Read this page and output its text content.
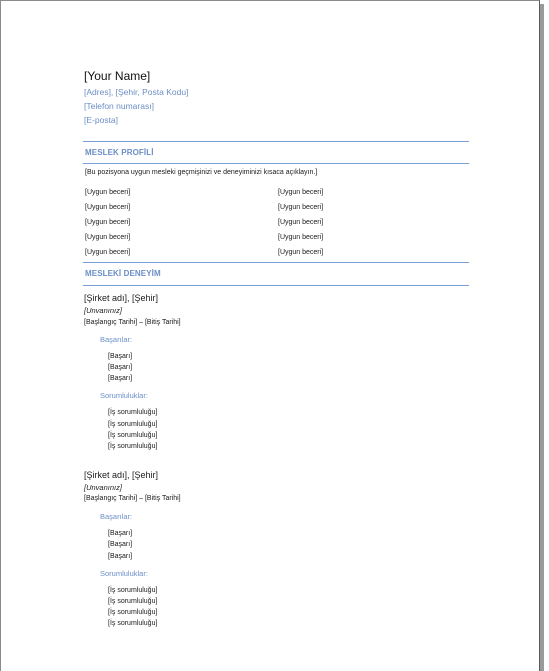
[Your Name]
[Adres], [Şehir, Posta Kodu]
[Telefon numarası]
[E-posta]
MESLEK PROFİLİ
[Bu pozisyona uygun mesleki geçmişinizi ve deneyiminizi kısaca açıklayın.]
[Uygun beceri]
[Uygun beceri]
[Uygun beceri]
[Uygun beceri]
[Uygun beceri]
[Uygun beceri]
[Uygun beceri]
[Uygun beceri]
[Uygun beceri]
[Uygun beceri]
MESLEKİ DENEYİM
[Şirket adı], [Şehir]
[Unvanınız]
[Başlangıç Tarihi] – [Bitiş Tarihi]
Başarılar:
[Başarı]
[Başarı]
[Başarı]
Sorumluluklar:
[İş sorumluluğu]
[İş sorumluluğu]
[İş sorumluluğu]
[İş sorumluluğu]
[Şirket adı], [Şehir]
[Unvanınız]
[Başlangıç Tarihi] – [Bitiş Tarihi]
Başarılar:
[Başarı]
[Başarı]
[Başarı]
Sorumluluklar:
[İş sorumluluğu]
[İş sorumluluğu]
[İş sorumluluğu]
[İş sorumluluğu]
